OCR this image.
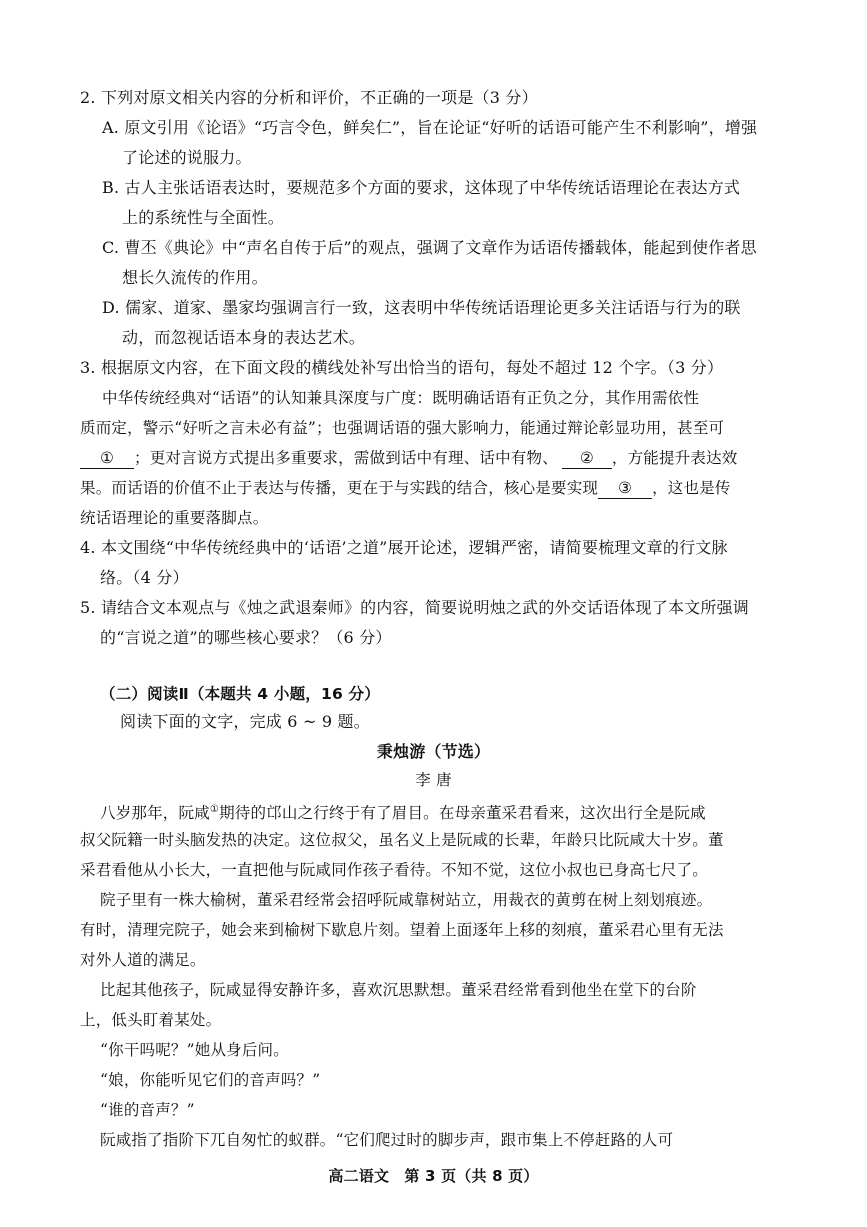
2. 下列对原文相关内容的分析和评价，不正确的一项是（3 分）
A. 原文引用《论语》“巧言令色，鲜矣仁”，旨在论证“好听的话语可能产生不利影响”，增强
了论述的说服力。
B. 古人主张话语表达时，要规范多个方面的要求，这体现了中华传统话语理论在表达方式
上的系统性与全面性。
C. 曹丕《典论》中“声名自传于后”的观点，强调了文章作为话语传播载体，能起到使作者思
想长久流传的作用。
D. 儒家、道家、墨家均强调言行一致，这表明中华传统话语理论更多关注话语与行为的联
动，而忽视话语本身的表达艺术。
3. 根据原文内容，在下面文段的横线处补写出恰当的语句，每处不超过 12 个字。（3 分）
中华传统经典对“话语”的认知兼具深度与广度：既明确话语有正负之分，其作用需依性
质而定，警示“好听之言未必有益”；也强调话语的强大影响力，能通过辩论彰显功用，甚至可
① ；更对言说方式提出多重要求，需做到话中有理、话中有物、 ② ，方能提升表达效
果。而话语的价值不止于表达与传播，更在于与实践的结合，核心是要实现 ③ ，这也是传
统话语理论的重要落脚点。
4. 本文围绕“中华传统经典中的‘话语’之道”展开论述，逻辑严密，请简要梳理文章的行文脉
络。（4 分）
5. 请结合文本观点与《烛之武退秦师》的内容，简要说明烛之武的外交话语体现了本文所强调
的“言说之道”的哪些核心要求？（6 分）
（二）阅读Ⅱ（本题共 4 小题，16 分）
阅读下面的文字，完成 6 ~ 9 题。
秉烛游（节选）
李 唐
八岁那年，阮咸①期待的邙山之行终于有了眉目。在母亲董采君看来，这次出行全是阮咸
叔父阮籍一时头脑发热的决定。这位叔父，虽名义上是阮咸的长辈，年龄只比阮咸大十岁。董
采君看他从小长大，一直把他与阮咸同作孩子看待。不知不觉，这位小叔也已身高七尺了。
院子里有一株大榆树，董采君经常会招呼阮咸靠树站立，用裁衣的黄剪在树上刻划痕迹。
有时，清理完院子，她会来到榆树下歇息片刻。望着上面逐年上移的刻痕，董采君心里有无法
对外人道的满足。
比起其他孩子，阮咸显得安静许多，喜欢沉思默想。董采君经常看到他坐在堂下的台阶
上，低头盯着某处。
“你干吗呢？”她从身后问。
“娘，你能听见它们的音声吗？”
“谁的音声？”
阮咸指了指阶下兀自匆忙的蚁群。“它们爬过时的脚步声，跟市集上不停赶路的人可
高二语文　第 3 页（共 8 页）
